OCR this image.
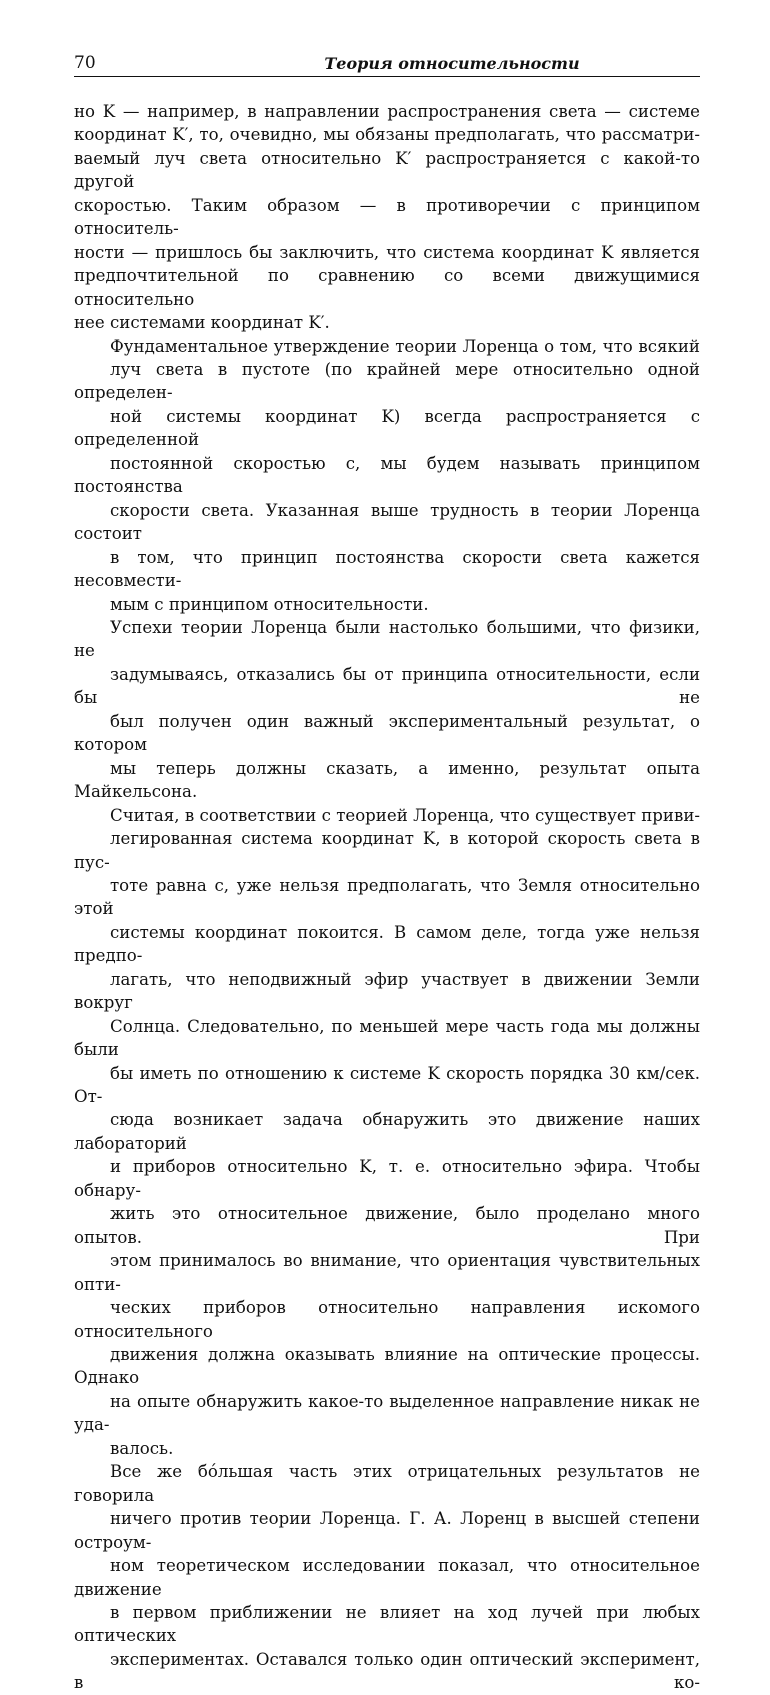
70	Теория относительности

но K — например, в направлении распространения света — системе
координат K′, то, очевидно, мы обязаны предполагать, что рассматри-
ваемый луч света относительно K′ распространяется с какой-то другой
скоростью. Таким образом — в противоречии с принципом относитель-
ности — пришлось бы заключить, что система координат K является
предпочтительной по сравнению со всеми движущимися относительно
нее системами координат K′.

Фундаментальное утверждение теории Лоренца о том, что всякий
луч света в пустоте (по крайней мере относительно одной определен-
ной системы координат K) всегда распространяется с определенной
постоянной скоростью c, мы будем называть принципом постоянства
скорости света. Указанная выше трудность в теории Лоренца состоит
в том, что принцип постоянства скорости света кажется несовмести-
мым с принципом относительности.

Успехи теории Лоренца были настолько большими, что физики, не
задумываясь, отказались бы от принципа относительности, если бы не
был получен один важный экспериментальный результат, о котором
мы теперь должны сказать, а именно, результат опыта Майкельсона.

Считая, в соответствии с теорией Лоренца, что существует приви-
легированная система координат K, в которой скорость света в пус-
тоте равна c, уже нельзя предполагать, что Земля относительно этой
системы координат покоится. В самом деле, тогда уже нельзя предпо-
лагать, что неподвижный эфир участвует в движении Земли вокруг
Солнца. Следовательно, по меньшей мере часть года мы должны были
бы иметь по отношению к системе K скорость порядка 30 км/сек. От-
сюда возникает задача обнаружить это движение наших лабораторий
и приборов относительно K, т. е. относительно эфира. Чтобы обнару-
жить это относительное движение, было проделано много опытов. При
этом принималось во внимание, что ориентация чувствительных опти-
ческих приборов относительно направления искомого относительного
движения должна оказывать влияние на оптические процессы. Однако
на опыте обнаружить какое-то выделенное направление никак не уда-
валось.

Все же бóльшая часть этих отрицательных результатов не говорила
ничего против теории Лоренца. Г. А. Лоренц в высшей степени остроум-
ном теоретическом исследовании показал, что относительное движение
в первом приближении не влияет на ход лучей при любых оптических
экспериментах. Оставался только один оптический эксперимент, в ко-
